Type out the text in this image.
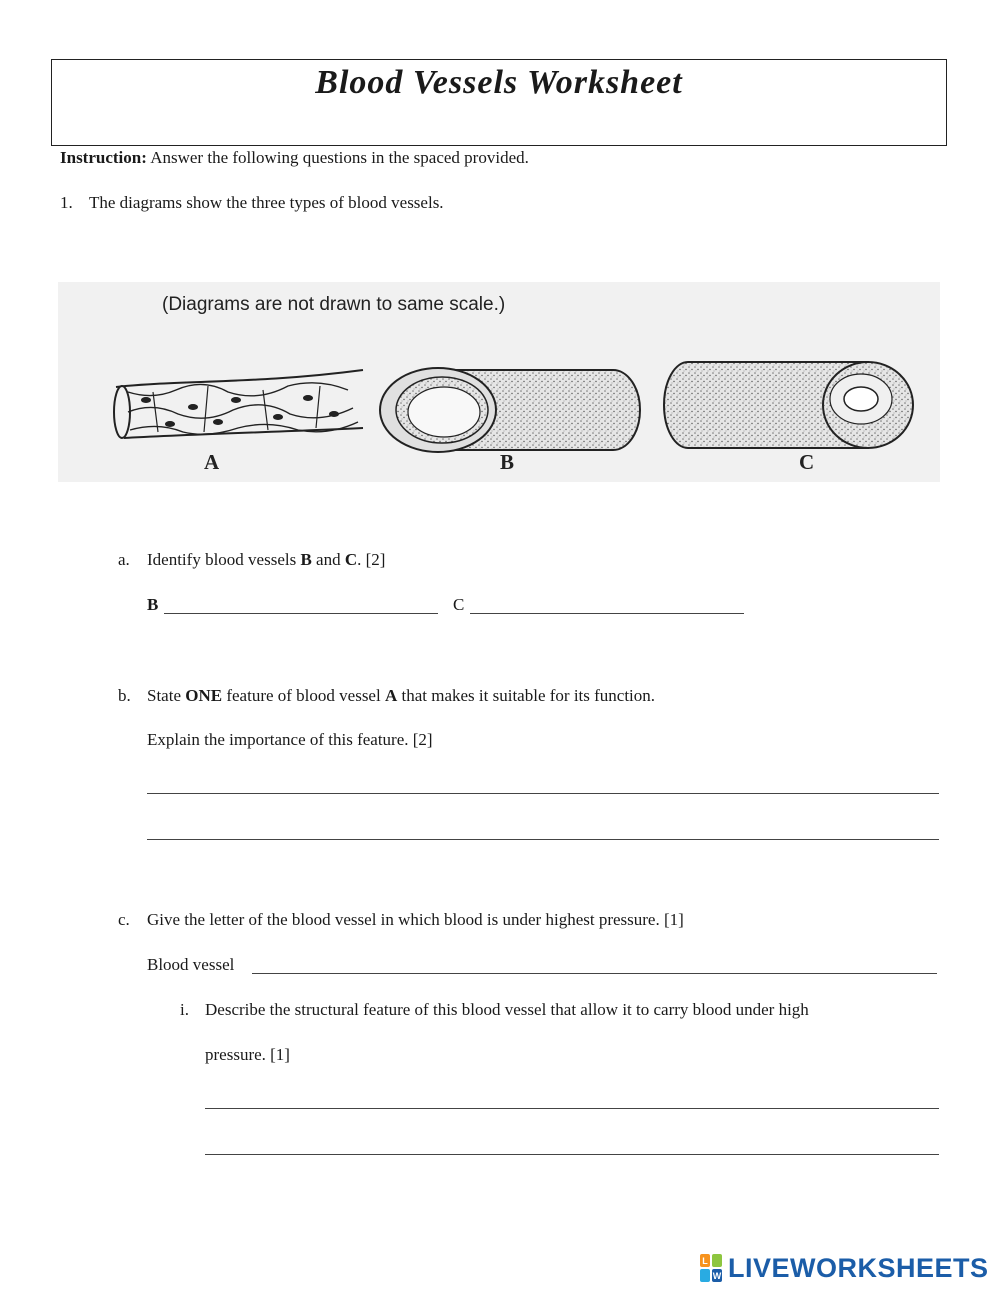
Blood Vessels Worksheet
Instruction: Answer the following questions in the spaced provided.
1. The diagrams show the three types of blood vessels.
(Diagrams are not drawn to same scale.)
A	B	C
a. Identify blood vessels B and C. [2]
B	C
b. State ONE feature of blood vessel A that makes it suitable for its function.
Explain the importance of this feature. [2]
c. Give the letter of the blood vessel in which blood is under highest pressure. [1]
Blood vessel
i. Describe the structural feature of this blood vessel that allow it to carry blood under high
pressure. [1]
L
W LIVEWORKSHEETS
